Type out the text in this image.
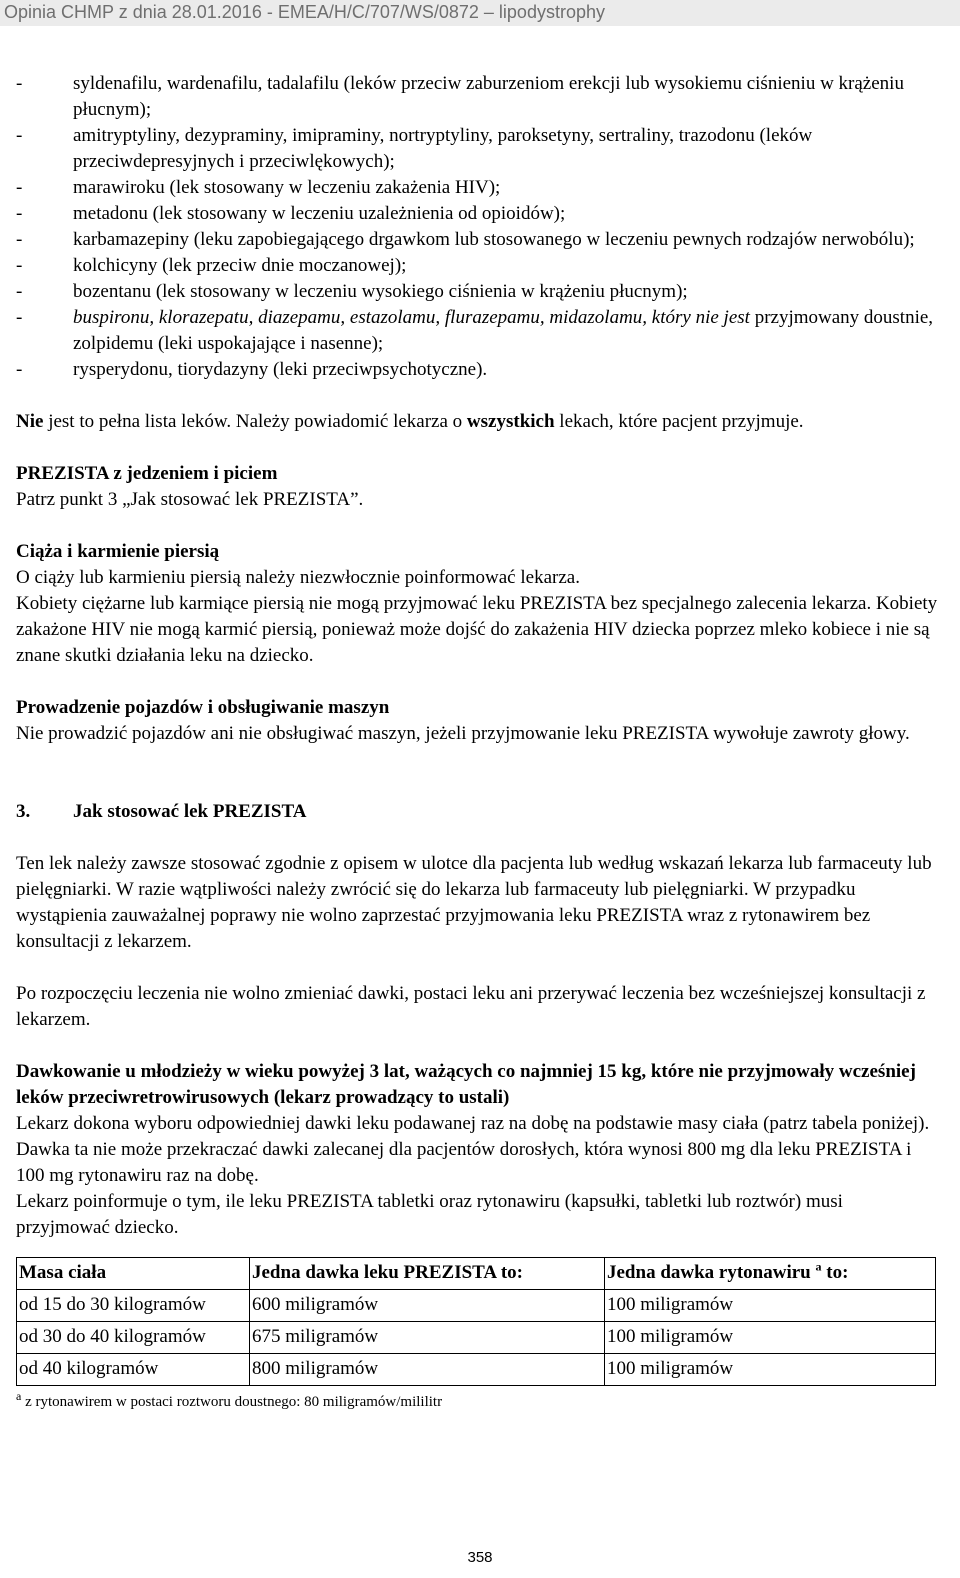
Opinia CHMP z dnia 28.01.2016 - EMEA/H/C/707/WS/0872 – lipodystrophy
-	syldenafilu, wardenafilu, tadalafilu (leków przeciw zaburzeniom erekcji lub wysokiemu ciśnieniu w krążeniu płucnym);
-	amitryptyliny, dezypraminy, imipraminy, nortryptyliny, paroksetyny, sertraliny, trazodonu (leków przeciwdepresyjnych i przeciwlękowych);
-	marawiroku (lek stosowany w leczeniu zakażenia HIV);
-	metadonu (lek stosowany w leczeniu uzależnienia od opioidów);
-	karbamazepiny (leku zapobiegającego drgawkom lub stosowanego w leczeniu pewnych rodzajów nerwobólu);
-	kolchicyny (lek przeciw dnie moczanowej);
-	bozentanu (lek stosowany w leczeniu wysokiego ciśnienia w krążeniu płucnym);
-	buspironu, klorazepatu, diazepamu, estazolamu, flurazepamu, midazolamu, który nie jest przyjmowany doustnie, zolpidemu (leki uspokajające i nasenne);
-	rysperydonu, tiorydazyny (leki przeciwpsychotyczne).

Nie jest to pełna lista leków. Należy powiadomić lekarza o wszystkich lekach, które pacjent przyjmuje.

PREZISTA z jedzeniem i piciem

Patrz punkt 3 „Jak stosować lek PREZISTA”.

Ciąża i karmienie piersią

O ciąży lub karmieniu piersią należy niezwłocznie poinformować lekarza.

Kobiety ciężarne lub karmiące piersią nie mogą przyjmować leku PREZISTA bez specjalnego zalecenia lekarza. Kobiety zakażone HIV nie mogą karmić piersią, ponieważ może dojść do zakażenia HIV dziecka poprzez mleko kobiece i nie są znane skutki działania leku na dziecko.

Prowadzenie pojazdów i obsługiwanie maszyn

Nie prowadzić pojazdów ani nie obsługiwać maszyn, jeżeli przyjmowanie leku PREZISTA wywołuje zawroty głowy.

3.	Jak stosować lek PREZISTA

Ten lek należy zawsze stosować zgodnie z opisem w ulotce dla pacjenta lub według wskazań lekarza lub farmaceuty lub pielęgniarki. W razie wątpliwości należy zwrócić się do lekarza lub farmaceuty lub pielęgniarki. W przypadku wystąpienia zauważalnej poprawy nie wolno zaprzestać przyjmowania leku PREZISTA wraz z rytonawirem bez konsultacji z lekarzem.

Po rozpoczęciu leczenia nie wolno zmieniać dawki, postaci leku ani przerywać leczenia bez wcześniejszej konsultacji z lekarzem.

Dawkowanie u młodzieży w wieku powyżej 3 lat, ważących co najmniej 15 kg, które nie przyjmowały wcześniej leków przeciwretrowirusowych (lekarz prowadzący to ustali)

Lekarz dokona wyboru odpowiedniej dawki leku podawanej raz na dobę na podstawie masy ciała (patrz tabela poniżej). Dawka ta nie może przekraczać dawki zalecanej dla pacjentów dorosłych, która wynosi 800 mg dla leku PREZISTA i 100 mg rytonawiru raz na dobę.

Lekarz poinformuje o tym, ile leku PREZISTA tabletki oraz rytonawiru (kapsułki, tabletki lub roztwór) musi przyjmować dziecko.

Masa ciała	Jedna dawka leku PREZISTA to:	Jedna dawka rytonawiru $^a$ to:
od 15 do 30 kilogramów	600 miligramów	100 miligramów
od 30 do 40 kilogramów	675 miligramów	100 miligramów
od 40 kilogramów	800 miligramów	100 miligramów

$^a$ z rytonawirem w postaci roztworu doustnego: 80 miligramów/mililitr

358
